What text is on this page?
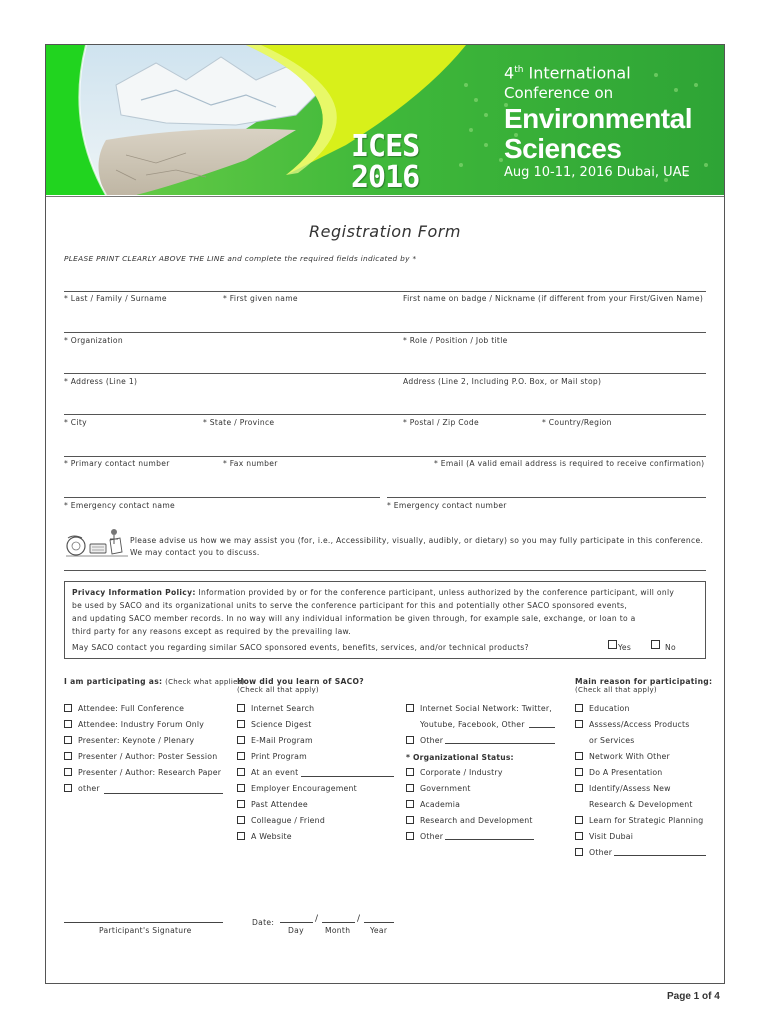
ICES
2016
4th International
Conference on
Environmental
Sciences
Aug 10-11, 2016 Dubai, UAE
Registration Form
PLEASE PRINT CLEARLY ABOVE THE LINE and complete the required fields indicated by *
* Last / Family / Surname	* First given name	First name on badge / Nickname (if different from your First/Given Name)
* Organization	* Role / Position / Job title
* Address (Line 1)	Address (Line 2, Including P.O. Box, or Mail stop)
* City	* State / Province	* Postal / Zip Code	* Country/Region
* Primary contact number	* Fax number	* Email (A valid email address is required to receive confirmation)
* Emergency contact name	* Emergency contact number
Please advise us how we may assist you (for, i.e., Accessibility, visually, audibly, or dietary) so you may fully participate in this conference.
We may contact you to discuss.
Privacy Information Policy: Information provided by or for the conference participant, unless authorized by the conference participant, will only
be used by SACO and its organizational units to serve the conference participant for this and potentially other SACO sponsored events,
and updating SACO member records. In no way will any individual information be given through, for example sale, exchange, or loan to a
third party for any reasons except as required by the prevailing law.
May SACO contact you regarding similar SACO sponsored events, benefits, services, and/or technical products?	Yes	No
I am participating as: (Check what applies)
How did you learn of SACO?
(Check all that apply)
Main reason for participating:
(Check all that apply)
Attendee: Full Conference
Attendee: Industry Forum Only
Presenter: Keynote / Plenary
Presenter / Author: Poster Session
Presenter / Author: Research Paper
other
Internet Search
Science Digest
E-Mail Program
Print Program
At an event
Employer Encouragement
Past Attendee
Colleague / Friend
A Website
Internet Social Network: Twitter,
Youtube, Facebook, Other
Other
* Organizational Status:
Corporate / Industry
Government
Academia
Research and Development
Other
Education
Asssess/Access Products
or Services
Network With Other
Do A Presentation
Identify/Assess New
Research & Development
Learn for Strategic Planning
Visit Dubai
Other
Participant's Signature
Date:	/	/
Day	Month	Year
Page 1 of 4
